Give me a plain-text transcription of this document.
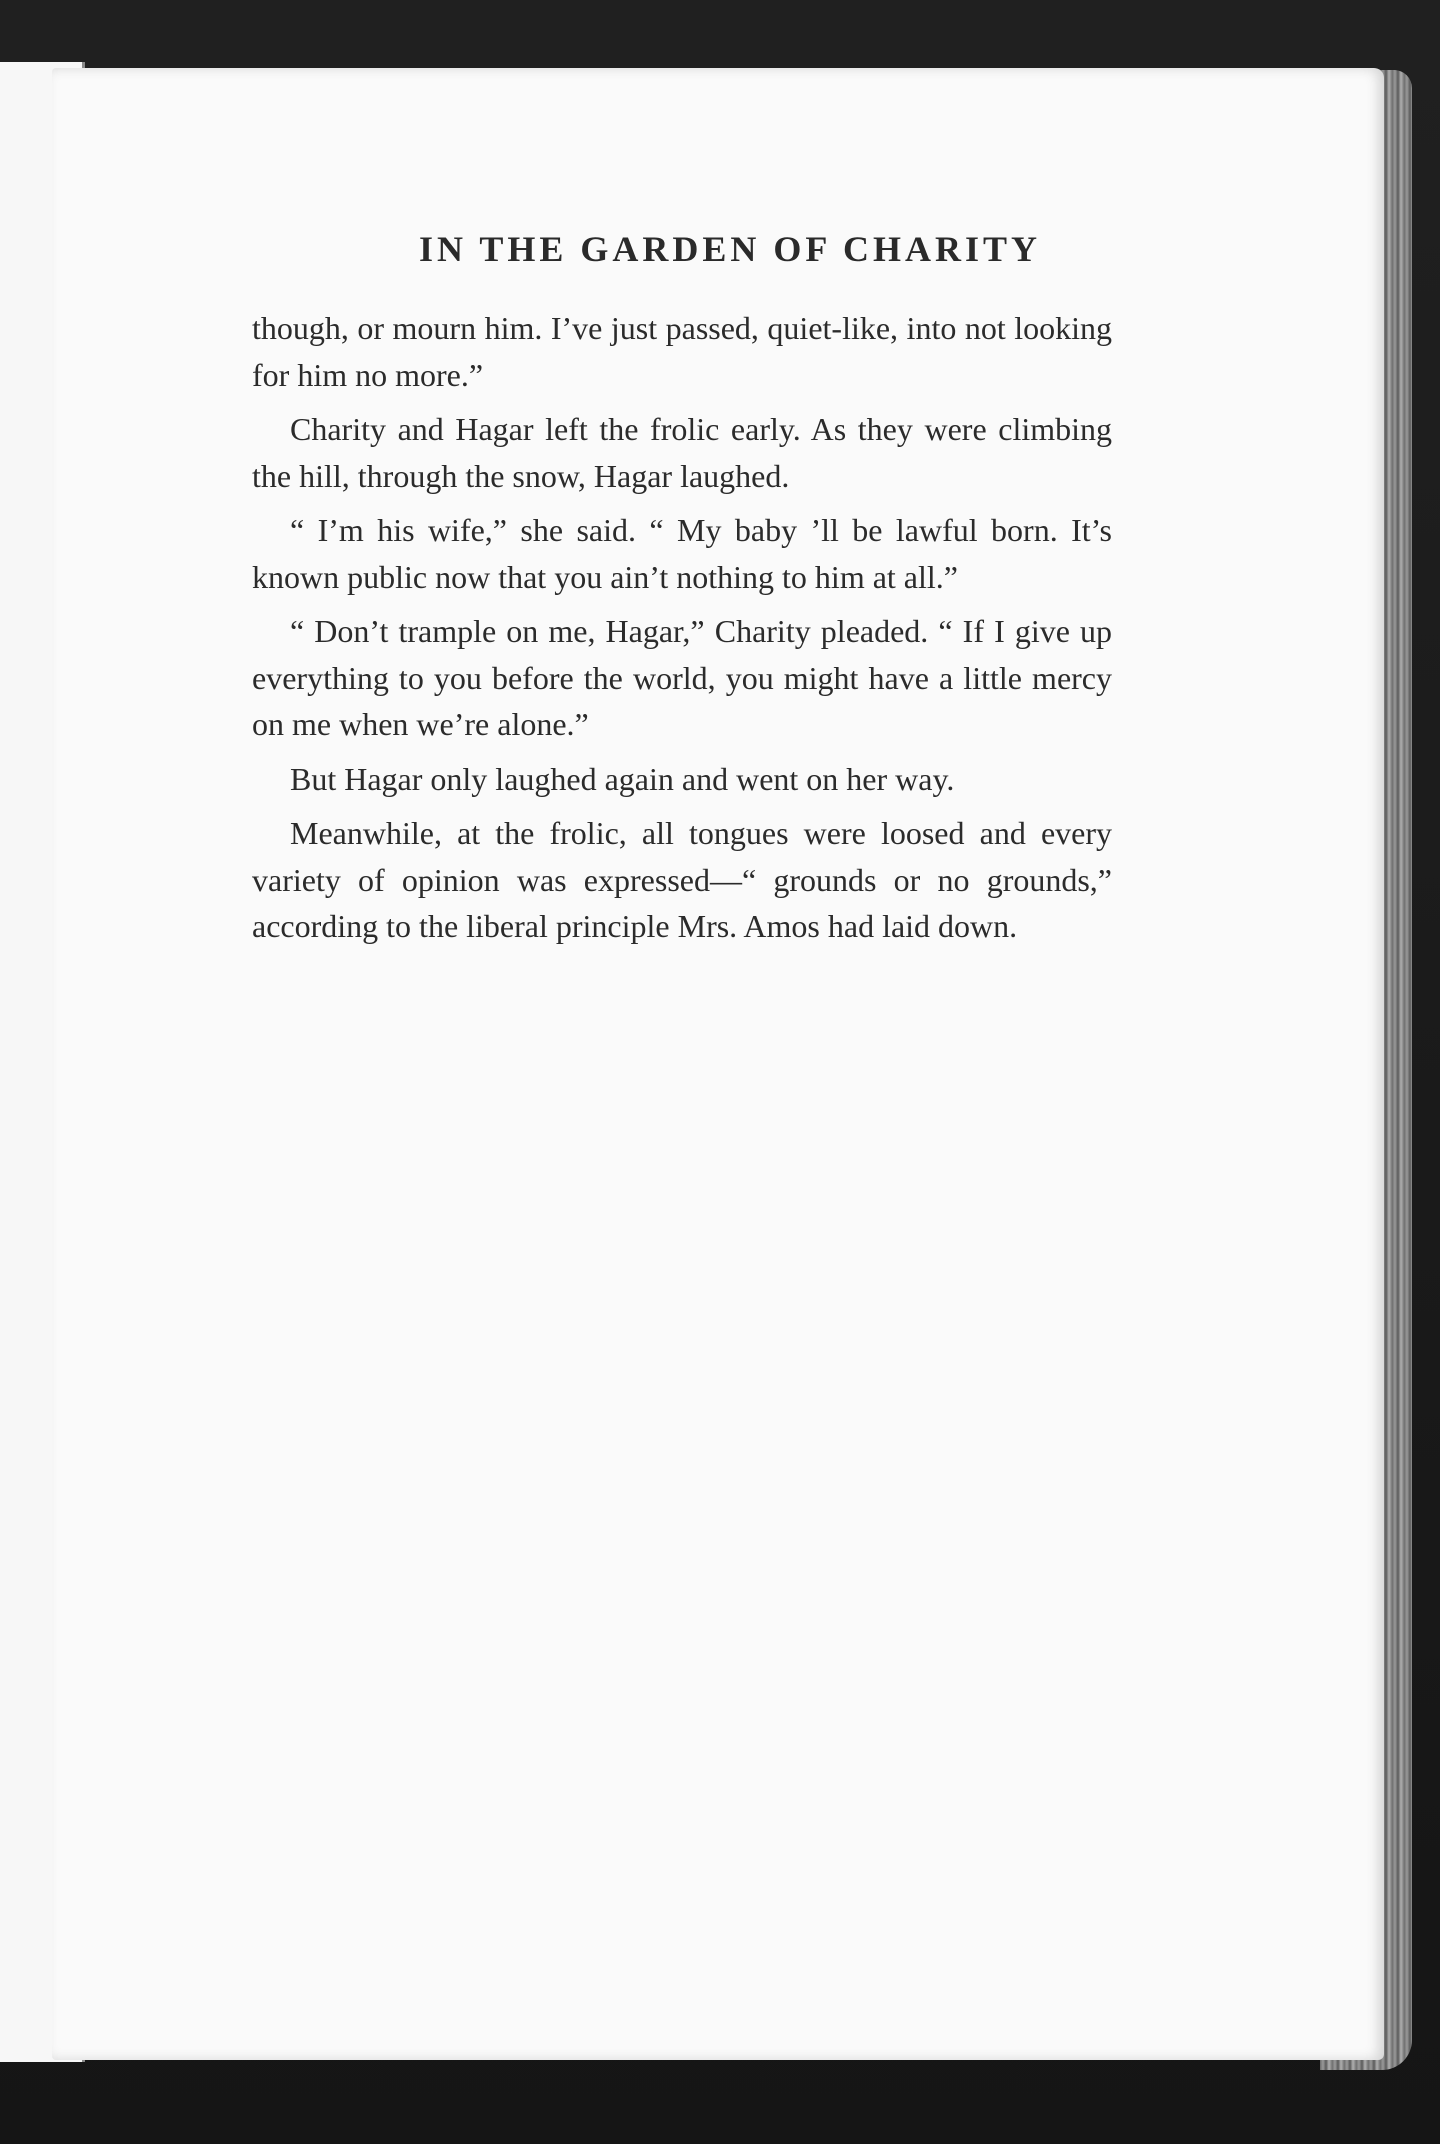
IN THE GARDEN OF CHARITY

though, or mourn him. I’ve just passed, quiet-like, into not looking for him no more.”

Charity and Hagar left the frolic early. As they were climbing the hill, through the snow, Hagar laughed.

“ I’m his wife,” she said. “ My baby ’ll be lawful born. It’s known public now that you ain’t nothing to him at all.”

“ Don’t trample on me, Hagar,” Charity pleaded. “ If I give up everything to you before the world, you might have a little mercy on me when we’re alone.”

But Hagar only laughed again and went on her way.

Meanwhile, at the frolic, all tongues were loosed and every variety of opinion was expressed—“ grounds or no grounds,” according to the liberal principle Mrs. Amos had laid down.
